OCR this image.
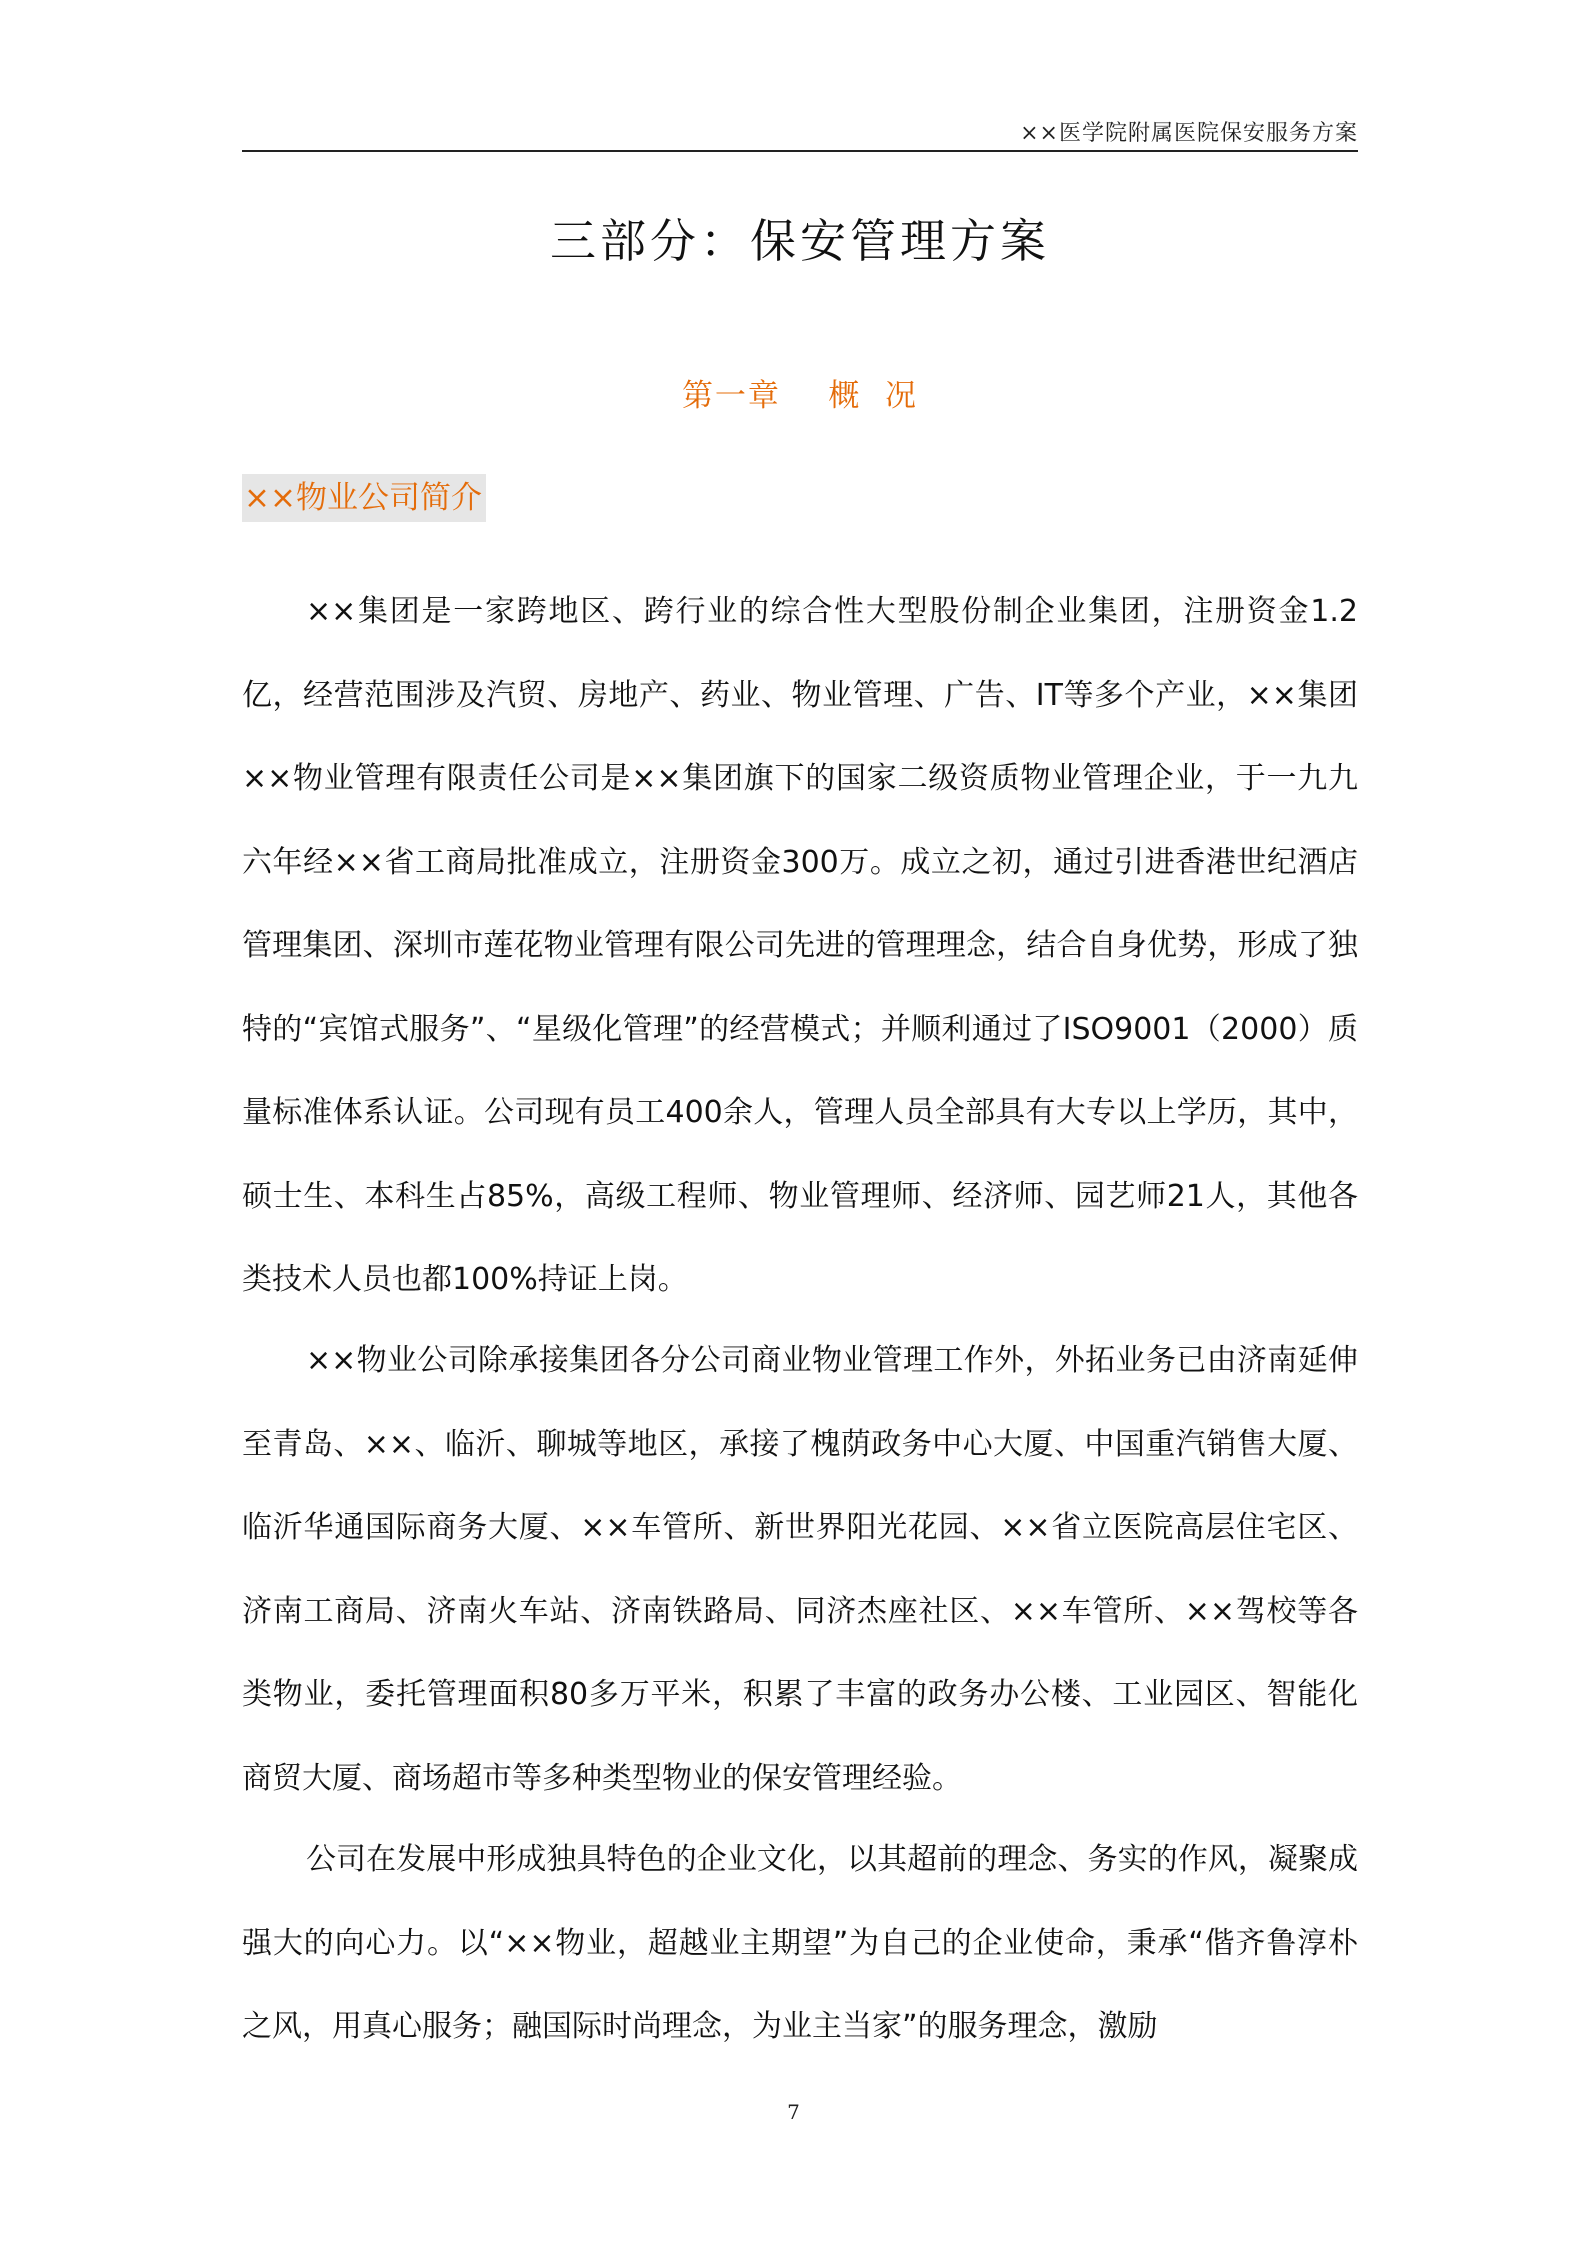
××医学院附属医院保安服务方案
三部分：保安管理方案
第一章    概  况
××物业公司简介

××集团是一家跨地区、跨行业的综合性大型股份制企业集团，注册资金1.2亿，经营范围涉及汽贸、房地产、药业、物业管理、广告、IT等多个产业，××集团××物业管理有限责任公司是××集团旗下的国家二级资质物业管理企业，于一九九六年经××省工商局批准成立，注册资金300万。成立之初，通过引进香港世纪酒店管理集团、深圳市莲花物业管理有限公司先进的管理理念，结合自身优势，形成了独特的“宾馆式服务”、“星级化管理”的经营模式；并顺利通过了ISO9001（2000）质量标准体系认证。公司现有员工400余人，管理人员全部具有大专以上学历，其中，硕士生、本科生占85%，高级工程师、物业管理师、经济师、园艺师21人，其他各类技术人员也都100%持证上岗。

××物业公司除承接集团各分公司商业物业管理工作外，外拓业务已由济南延伸至青岛、××、临沂、聊城等地区，承接了槐荫政务中心大厦、中国重汽销售大厦、临沂华通国际商务大厦、××车管所、新世界阳光花园、××省立医院高层住宅区、济南工商局、济南火车站、济南铁路局、同济杰座社区、××车管所、××驾校等各类物业，委托管理面积80多万平米，积累了丰富的政务办公楼、工业园区、智能化商贸大厦、商场超市等多种类型物业的保安管理经验。

公司在发展中形成独具特色的企业文化，以其超前的理念、务实的作风，凝聚成强大的向心力。以“××物业，超越业主期望”为自己的企业使命，秉承“偕齐鲁淳朴之风，用真心服务；融国际时尚理念，为业主当家”的服务理念，激励

7
